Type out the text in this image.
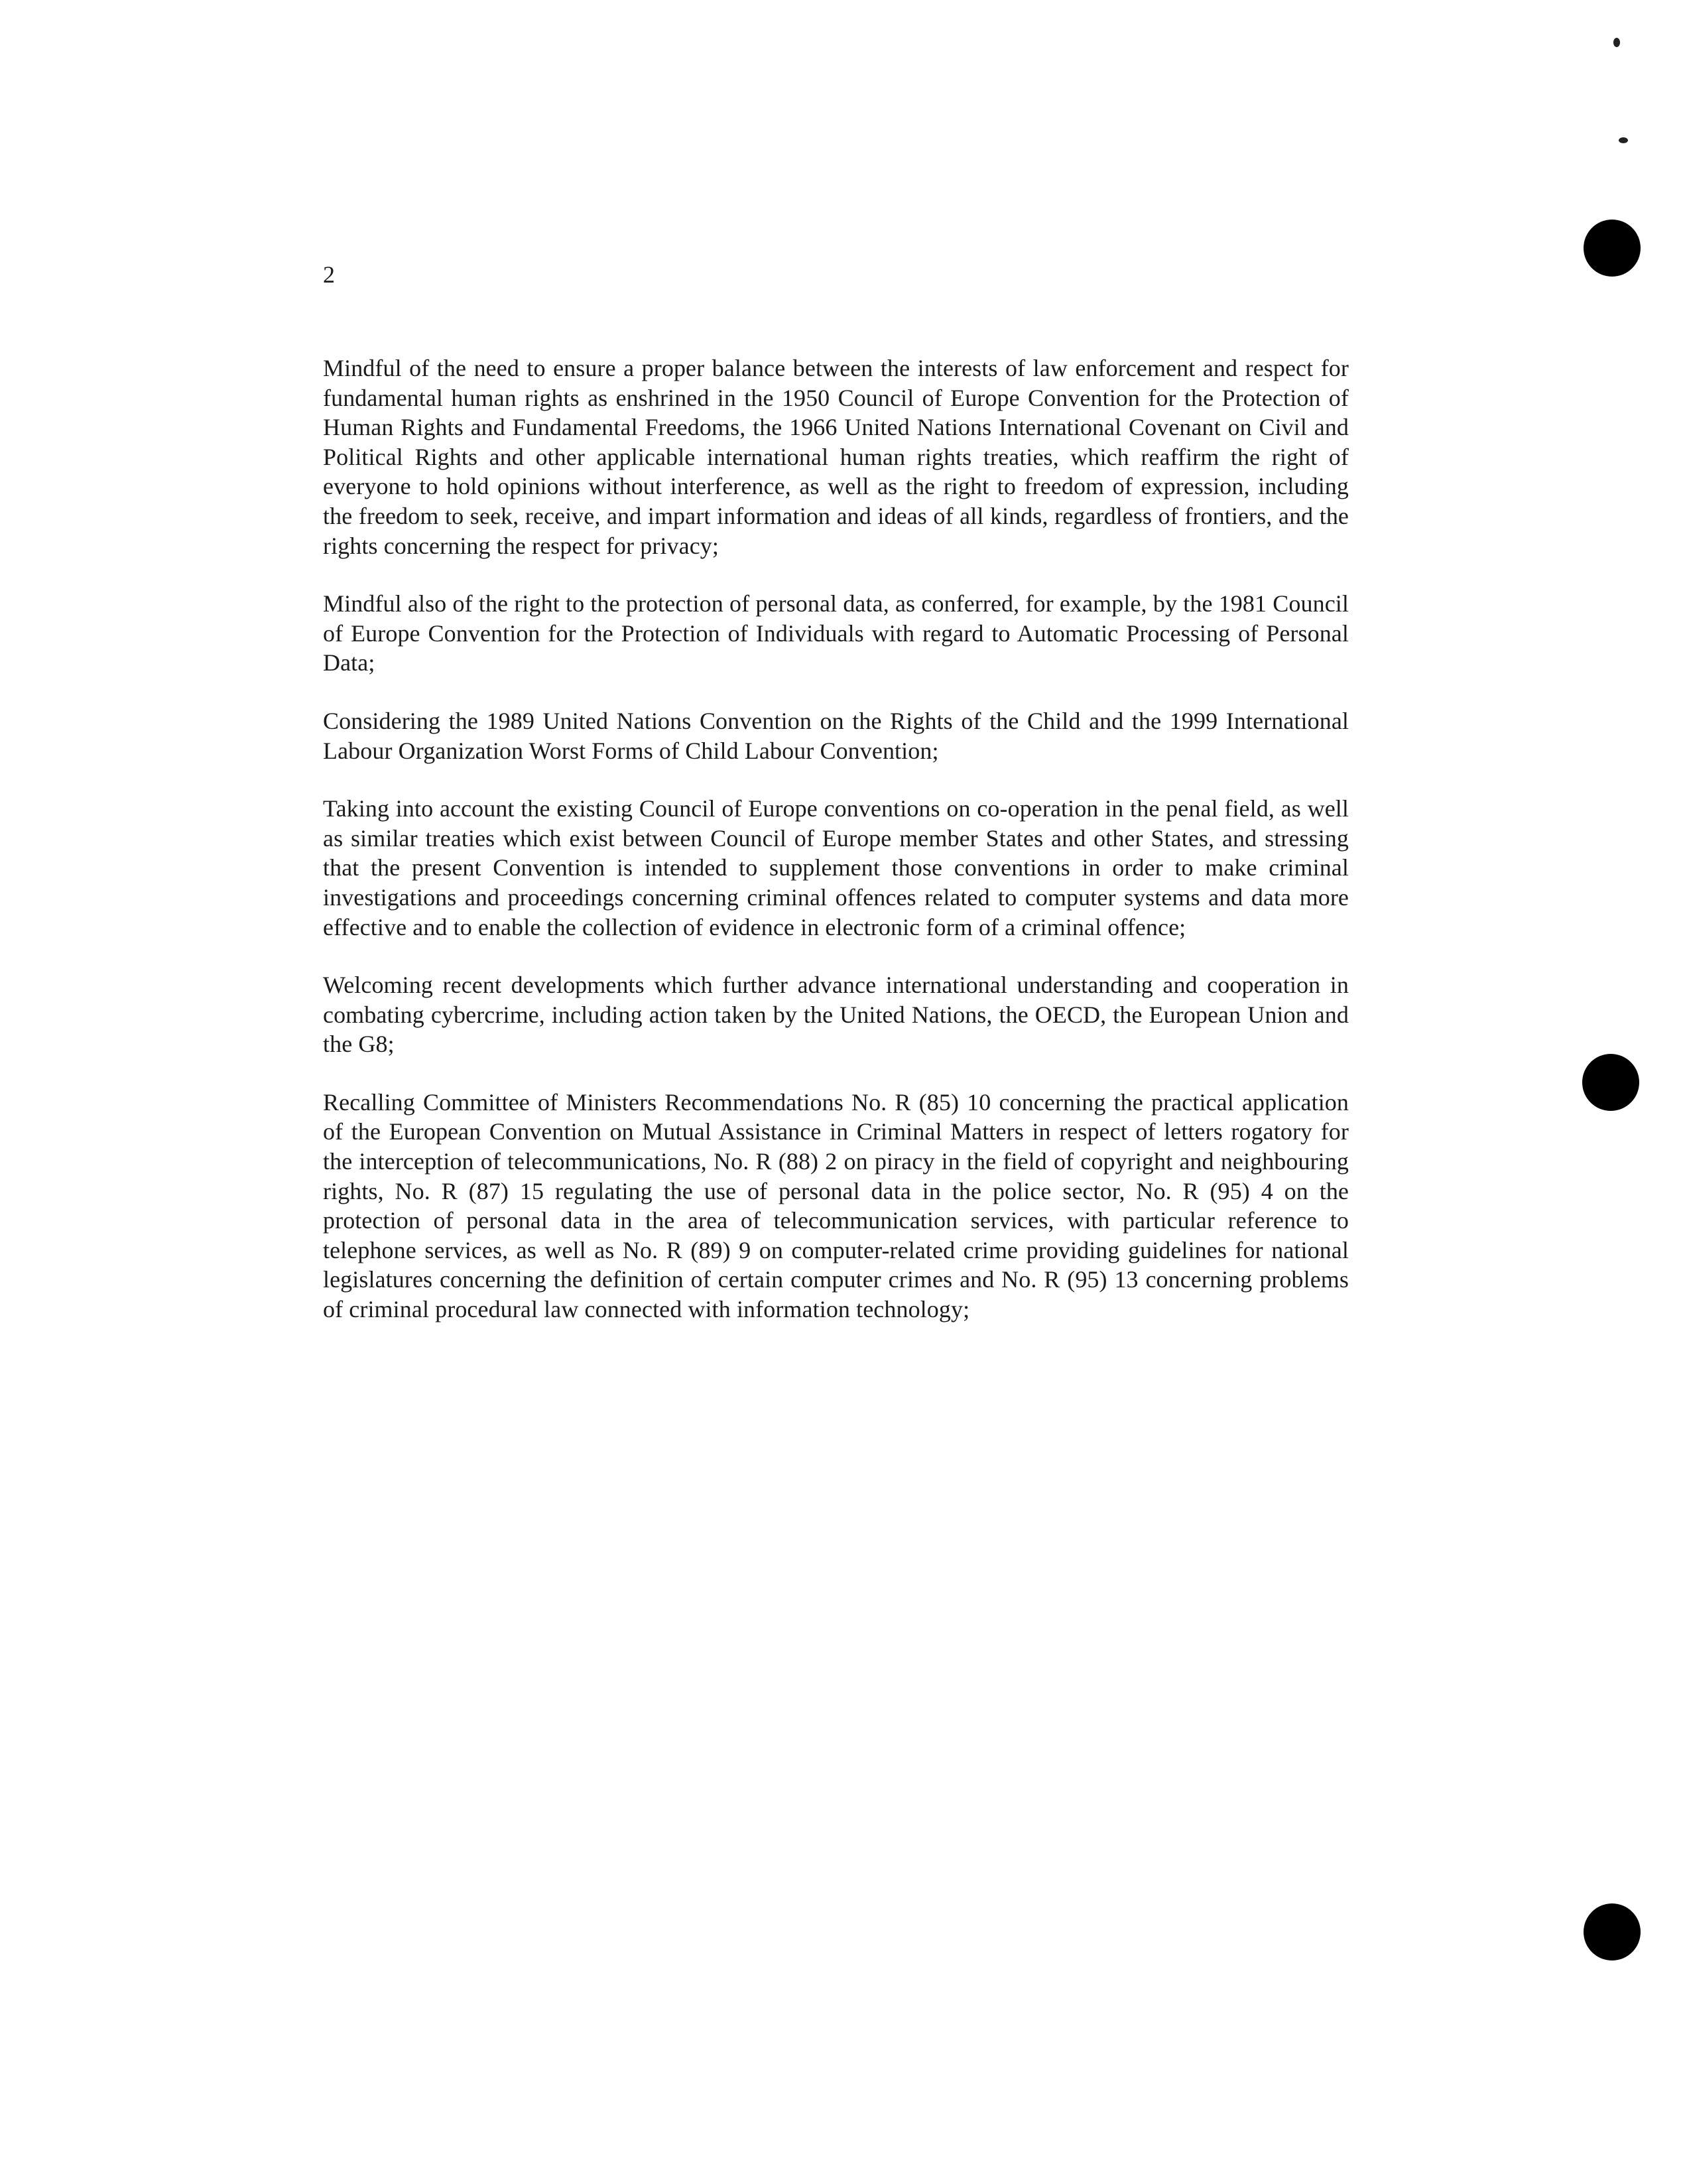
2

Mindful of the need to ensure a proper balance between the interests of law enforcement and respect for fundamental human rights as enshrined in the 1950 Council of Europe Convention for the Protection of Human Rights and Fundamental Freedoms, the 1966 United Nations International Covenant on Civil and Political Rights and other applicable international human rights treaties, which reaffirm the right of everyone to hold opinions without interference, as well as the right to freedom of expression, including the freedom to seek, receive, and impart information and ideas of all kinds, regardless of frontiers, and the rights concerning the respect for privacy;

Mindful also of the right to the protection of personal data, as conferred, for example, by the 1981 Council of Europe Convention for the Protection of Individuals with regard to Automatic Processing of Personal Data;

Considering the 1989 United Nations Convention on the Rights of the Child and the 1999 International Labour Organization Worst Forms of Child Labour Convention;

Taking into account the existing Council of Europe conventions on co-operation in the penal field, as well as similar treaties which exist between Council of Europe member States and other States, and stressing that the present Convention is intended to supplement those conventions in order to make criminal investigations and proceedings concerning criminal offences related to computer systems and data more effective and to enable the collection of evidence in electronic form of a criminal offence;

Welcoming recent developments which further advance international understanding and cooperation in combating cybercrime, including action taken by the United Nations, the OECD, the European Union and the G8;

Recalling Committee of Ministers Recommendations No. R (85) 10 concerning the practical application of the European Convention on Mutual Assistance in Criminal Matters in respect of letters rogatory for the interception of telecommunications, No. R (88) 2 on piracy in the field of copyright and neighbouring rights, No. R (87) 15 regulating the use of personal data in the police sector, No. R (95) 4 on the protection of personal data in the area of telecommunication services, with particular reference to telephone services, as well as No. R (89) 9 on computer-related crime providing guidelines for national legislatures concerning the definition of certain computer crimes and No. R (95) 13 concerning problems of criminal procedural law connected with information technology;
